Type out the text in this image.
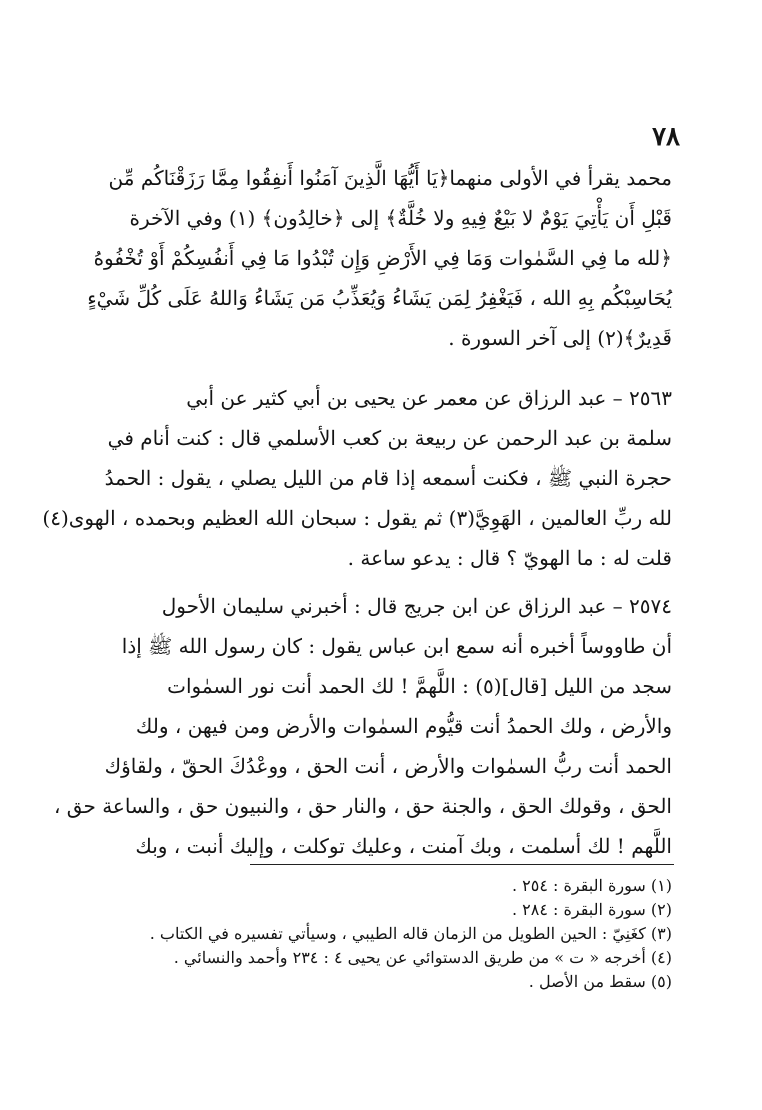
٧٨
محمد يقرأ في الأولى منهما﴿يَا أَيُّهَا الَّذِينَ آمَنُوا أَنفِقُوا مِمَّا رَزَقْنَاكُم مِّن
قَبْلِ أَن يَأْتِيَ يَوْمٌ لا بَيْعٌ فِيهِ ولا خُلَّةٌ﴾ إلى ﴿خالِدُون﴾ (١) وفي الآخرة
﴿لله ما فِي السَّمٰوات وَمَا فِي الأَرْضِ وَإِن تُبْدُوا مَا فِي أَنفُسِكُمْ أَوْ تُخْفُوهُ
يُحَاسِبْكُم بِهِ الله ، فَيَغْفِرُ لِمَن يَشَاءُ وَيُعَذِّبُ مَن يَشَاءُ وَاللهُ عَلَى كُلِّ شَيْءٍ
قَدِيرٌ﴾(٢) إلى آخر السورة .
٢٥٦٣ – عبد الرزاق عن معمر عن يحيى بن أبي كثير عن أبي
سلمة بن عبد الرحمن عن ربيعة بن كعب الأسلمي قال : كنت أنام في
حجرة النبي ﷺ ، فكنت أسمعه إذا قام من الليل يصلي ، يقول : الحمدُ
لله ربِّ العالمين ، الهَوِيَّ(٣) ثم يقول : سبحان الله العظيم وبحمده ، الهوى(٤)
قلت له : ما الهويّ ؟ قال : يدعو ساعة .
٢٥٧٤ – عبد الرزاق عن ابن جريج قال : أخبرني سليمان الأحول
أن طاووساً أخبره أنه سمع ابن عباس يقول : كان رسول الله ﷺ إذا
سجد من الليل [قال](٥) : اللَّهمَّ ! لك الحمد أنت نور السمٰوات
والأرض ، ولك الحمدُ أنت قيُّوم السمٰوات والأرض ومن فيهن ، ولك
الحمد أنت ربُّ السمٰوات والأرض ، أنت الحق ، ووعْدُكَ الحقّ ، ولقاؤك
الحق ، وقولك الحق ، والجنة حق ، والنار حق ، والنبيون حق ، والساعة حق ،
اللَّهم ! لك أسلمت ، وبك آمنت ، وعليك توكلت ، وإليك أنبت ، وبك
(١) سورة البقرة : ٢٥٤ .
(٢) سورة البقرة : ٢٨٤ .
(٣) كغَنِيّ : الحين الطويل من الزمان قاله الطيبي ، وسيأتي تفسيره في الكتاب .
(٤) أخرجه « ت » من طريق الدستوائي عن يحيى ٤ : ٢٣٤ وأحمد والنسائي .
(٥) سقط من الأصل .
